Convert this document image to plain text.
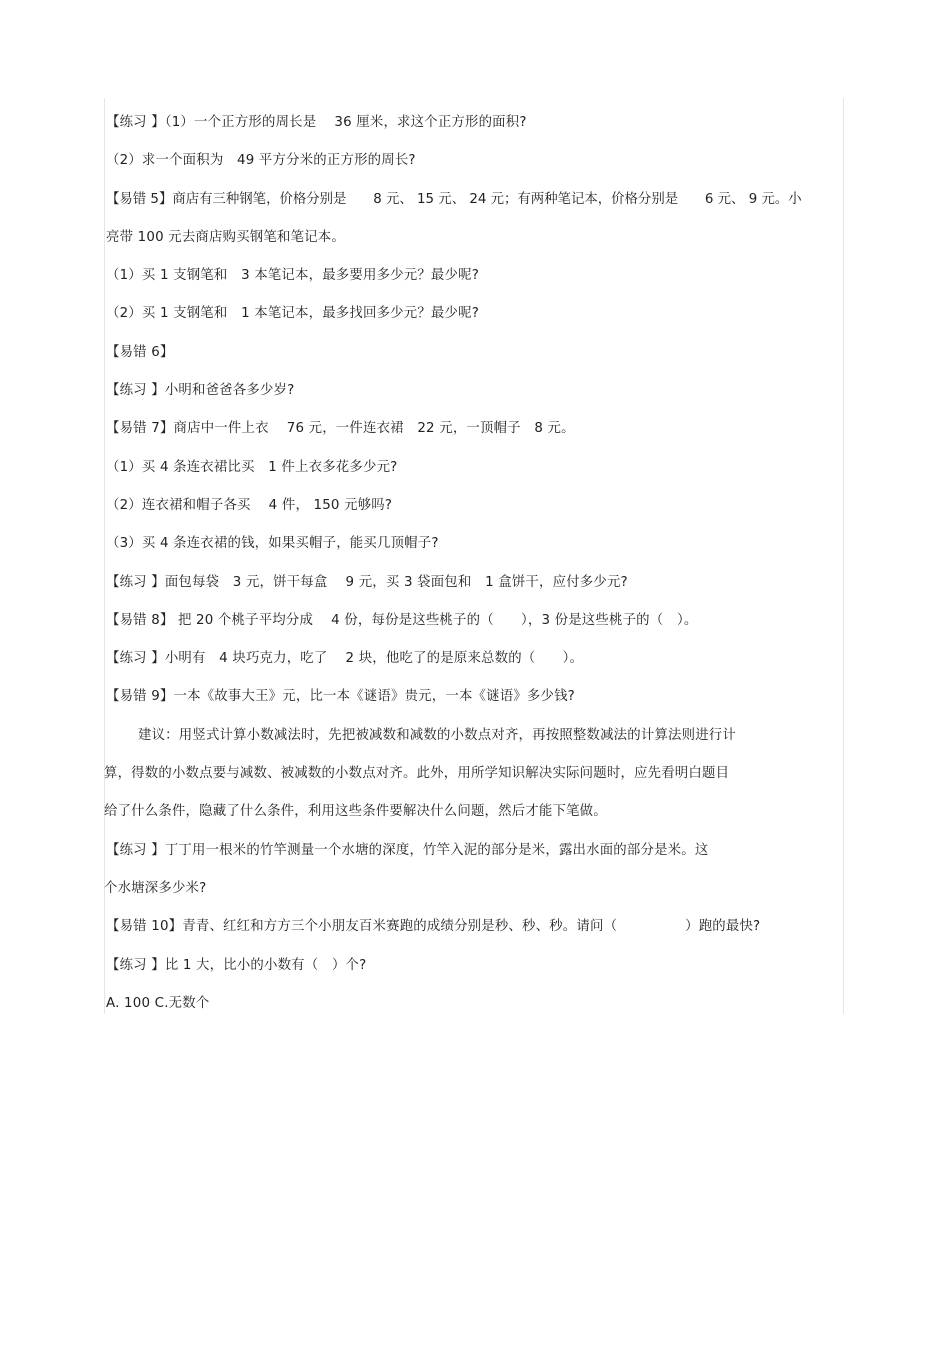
【练习 】（1）一个正方形的周长是　 36 厘米，求这个正方形的面积?
（2）求一个面积为　49 平方分米的正方形的周长?
【易错 5】商店有三种钢笔，价格分别是　　8 元、 15 元、 24 元；有两种笔记本，价格分别是　　6 元、 9 元。小
亮带 100 元去商店购买钢笔和笔记本。
（1）买 1 支钢笔和　3 本笔记本，最多要用多少元？最少呢?
（2）买 1 支钢笔和　1 本笔记本，最多找回多少元？最少呢?
【易错 6】
【练习 】小明和爸爸各多少岁?
【易错 7】商店中一件上衣　 76 元，一件连衣裙　22 元，一顶帽子　8 元。
（1）买 4 条连衣裙比买　1 件上衣多花多少元?
（2）连衣裙和帽子各买　 4 件， 150 元够吗?
（3）买 4 条连衣裙的钱，如果买帽子，能买几顶帽子?
【练习 】面包每袋　3 元，饼干每盒　 9 元，买 3 袋面包和　1 盒饼干，应付多少元?
【易错 8】 把 20 个桃子平均分成　 4 份，每份是这些桃子的（　　），3 份是这些桃子的（　）。
【练习 】小明有　4 块巧克力，吃了　 2 块，他吃了的是原来总数的（　　）。
【易错 9】一本《故事大王》元，比一本《谜语》贵元，一本《谜语》多少钱?
建议：用竖式计算小数减法时，先把被减数和减数的小数点对齐，再按照整数减法的计算法则进行计
算，得数的小数点要与减数、被减数的小数点对齐。此外，用所学知识解决实际问题时，应先看明白题目
给了什么条件，隐藏了什么条件，利用这些条件要解决什么问题，然后才能下笔做。
【练习 】丁丁用一根米的竹竿测量一个水塘的深度，竹竿入泥的部分是米，露出水面的部分是米。这
个水塘深多少米?
【易错 10】青青、红红和方方三个小朋友百米赛跑的成绩分别是秒、秒、秒。请问（　　　　　）跑的最快?
【练习 】比 1 大，比小的小数有（　）个?
A. 100 C.无数个
